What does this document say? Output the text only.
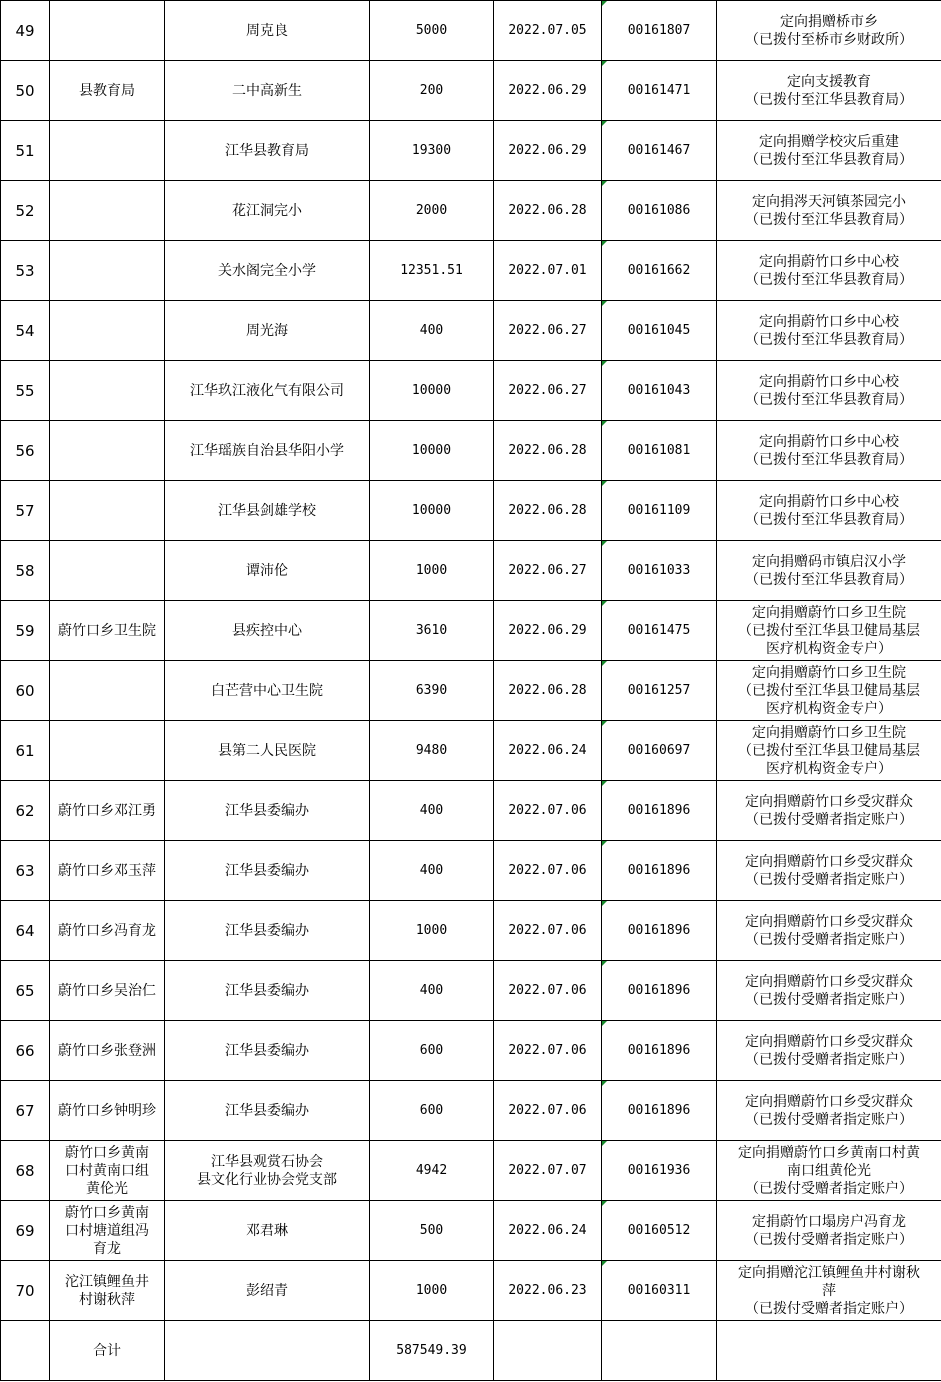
49		周克良	5000	2022.07.05	00161807	定向捐赠桥市乡
（已拨付至桥市乡财政所）
50	县教育局	二中高新生	200	2022.06.29	00161471	定向支援教育
（已拨付至江华县教育局）
51		江华县教育局	19300	2022.06.29	00161467	定向捐赠学校灾后重建
（已拨付至江华县教育局）
52		花江洞完小	2000	2022.06.28	00161086	定向捐涔天河镇茶园完小
（已拨付至江华县教育局）
53		关水阁完全小学	12351.51	2022.07.01	00161662	定向捐蔚竹口乡中心校
（已拨付至江华县教育局）
54		周光海	400	2022.06.27	00161045	定向捐蔚竹口乡中心校
（已拨付至江华县教育局）
55		江华玖江液化气有限公司	10000	2022.06.27	00161043	定向捐蔚竹口乡中心校
（已拨付至江华县教育局）
56		江华瑶族自治县华阳小学	10000	2022.06.28	00161081	定向捐蔚竹口乡中心校
（已拨付至江华县教育局）
57		江华县剑雄学校	10000	2022.06.28	00161109	定向捐蔚竹口乡中心校
（已拨付至江华县教育局）
58		谭沛伦	1000	2022.06.27	00161033	定向捐赠码市镇启汉小学
（已拨付至江华县教育局）
59	蔚竹口乡卫生院	县疾控中心	3610	2022.06.29	00161475	定向捐赠蔚竹口乡卫生院
（已拨付至江华县卫健局基层
医疗机构资金专户）
60		白芒营中心卫生院	6390	2022.06.28	00161257	定向捐赠蔚竹口乡卫生院
（已拨付至江华县卫健局基层
医疗机构资金专户）
61		县第二人民医院	9480	2022.06.24	00160697	定向捐赠蔚竹口乡卫生院
（已拨付至江华县卫健局基层
医疗机构资金专户）
62	蔚竹口乡邓江勇	江华县委编办	400	2022.07.06	00161896	定向捐赠蔚竹口乡受灾群众
（已拨付受赠者指定账户）
63	蔚竹口乡邓玉萍	江华县委编办	400	2022.07.06	00161896	定向捐赠蔚竹口乡受灾群众
（已拨付受赠者指定账户）
64	蔚竹口乡冯育龙	江华县委编办	1000	2022.07.06	00161896	定向捐赠蔚竹口乡受灾群众
（已拨付受赠者指定账户）
65	蔚竹口乡吴治仁	江华县委编办	400	2022.07.06	00161896	定向捐赠蔚竹口乡受灾群众
（已拨付受赠者指定账户）
66	蔚竹口乡张登洲	江华县委编办	600	2022.07.06	00161896	定向捐赠蔚竹口乡受灾群众
（已拨付受赠者指定账户）
67	蔚竹口乡钟明珍	江华县委编办	600	2022.07.06	00161896	定向捐赠蔚竹口乡受灾群众
（已拨付受赠者指定账户）
68	蔚竹口乡黄南
口村黄南口组
黄伦光	江华县观赏石协会
县文化行业协会党支部	4942	2022.07.07	00161936	定向捐赠蔚竹口乡黄南口村黄
南口组黄伦光
（已拨付受赠者指定账户）
69	蔚竹口乡黄南
口村塘道组冯
育龙	邓君琳	500	2022.06.24	00160512	定捐蔚竹口塌房户冯育龙
（已拨付受赠者指定账户）
70	沱江镇鲤鱼井
村谢秋萍	彭绍青	1000	2022.06.23	00160311	定向捐赠沱江镇鲤鱼井村谢秋
萍
（已拨付受赠者指定账户）
	合计		587549.39			
